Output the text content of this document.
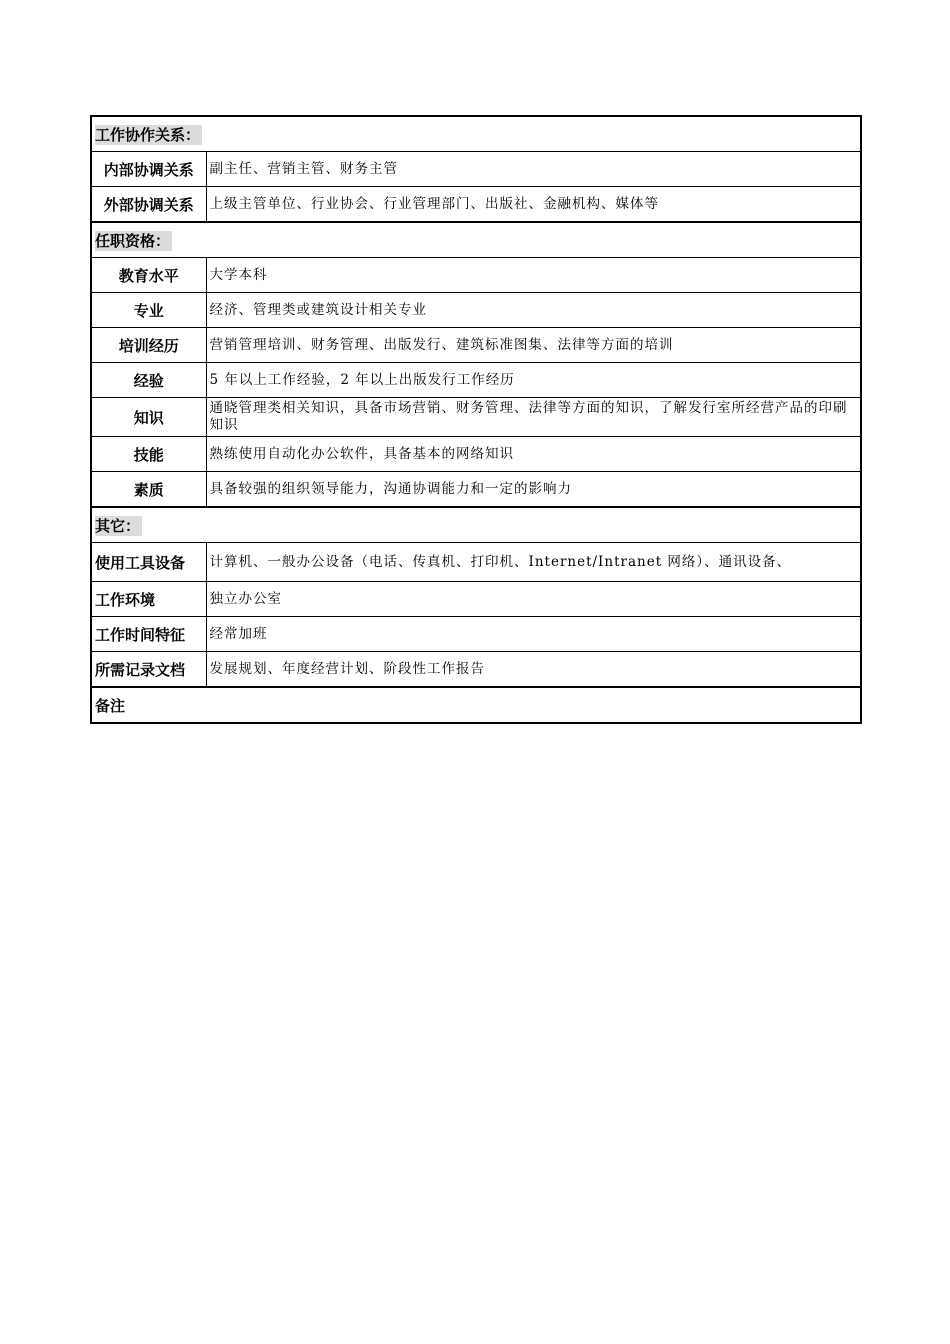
工作协作关系：	
内部协调关系	副主任、营销主管、财务主管
外部协调关系	上级主管单位、行业协会、行业管理部门、出版社、金融机构、媒体等
任职资格：	
教育水平	大学本科
专业	经济、管理类或建筑设计相关专业
培训经历	营销管理培训、财务管理、出版发行、建筑标准图集、法律等方面的培训
经验	5 年以上工作经验，2 年以上出版发行工作经历
知识	通晓管理类相关知识，具备市场营销、财务管理、法律等方面的知识，了解发行室所经营产品的印刷知识
技能	熟练使用自动化办公软件，具备基本的网络知识
素质	具备较强的组织领导能力，沟通协调能力和一定的影响力
其它：	
使用工具设备	计算机、一般办公设备（电话、传真机、打印机、Internet/Intranet 网络）、通讯设备、
工作环境	独立办公室
工作时间特征	经常加班
所需记录文档	发展规划、年度经营计划、阶段性工作报告
备注	
